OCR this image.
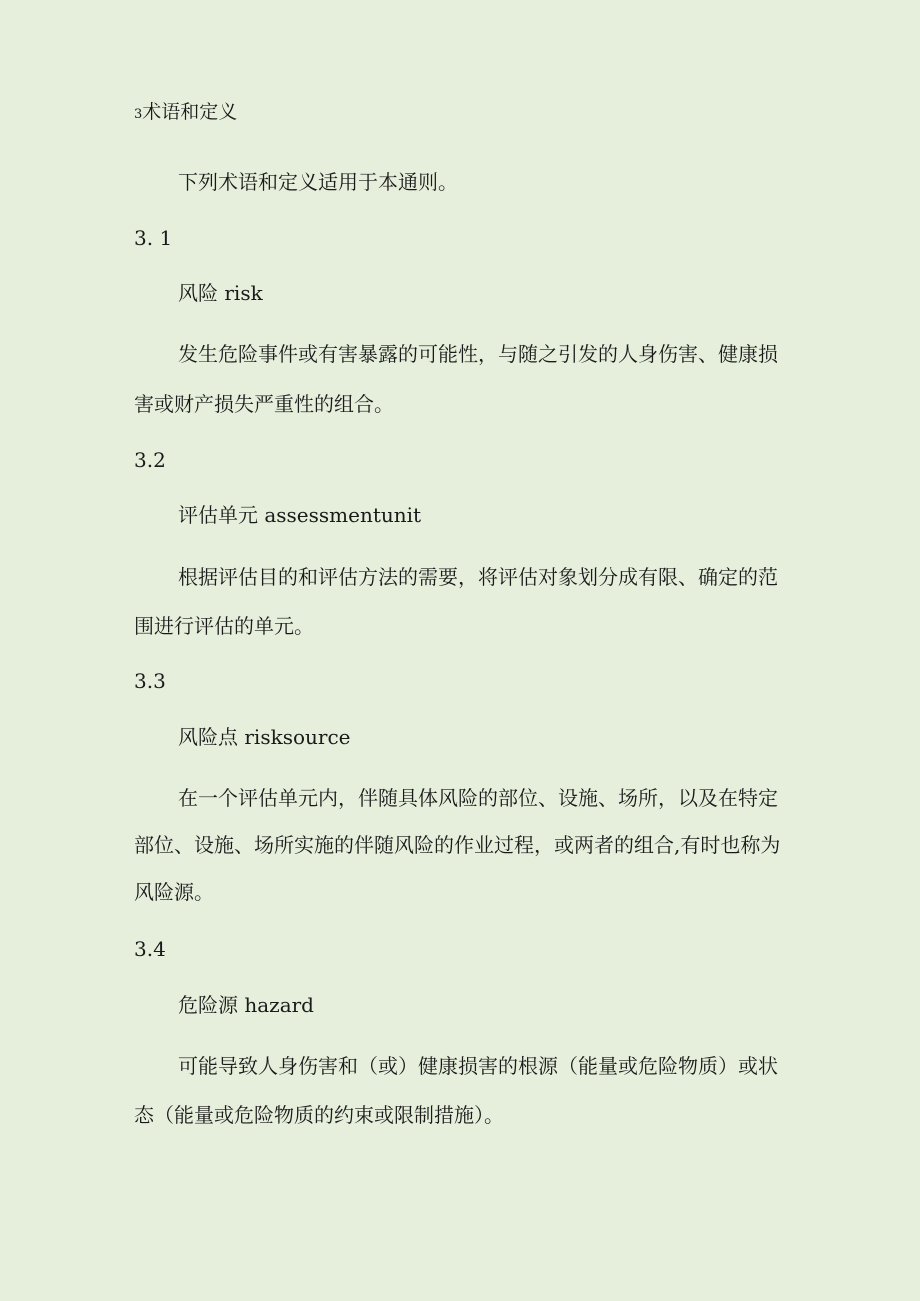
3术语和定义
下列术语和定义适用于本通则。
3. 1
风险 risk
发生危险事件或有害暴露的可能性，与随之引发的人身伤害、健康损
害或财产损失严重性的组合。
3.2
评估单元 assessmentunit
根据评估目的和评估方法的需要，将评估对象划分成有限、确定的范
围进行评估的单元。
3.3
风险点 risksource
在一个评估单元内，伴随具体风险的部位、设施、场所，以及在特定
部位、设施、场所实施的伴随风险的作业过程，或两者的组合,有时也称为
风险源。
3.4
危险源 hazard
可能导致人身伤害和（或）健康损害的根源（能量或危险物质）或状
态（能量或危险物质的约束或限制措施）。
